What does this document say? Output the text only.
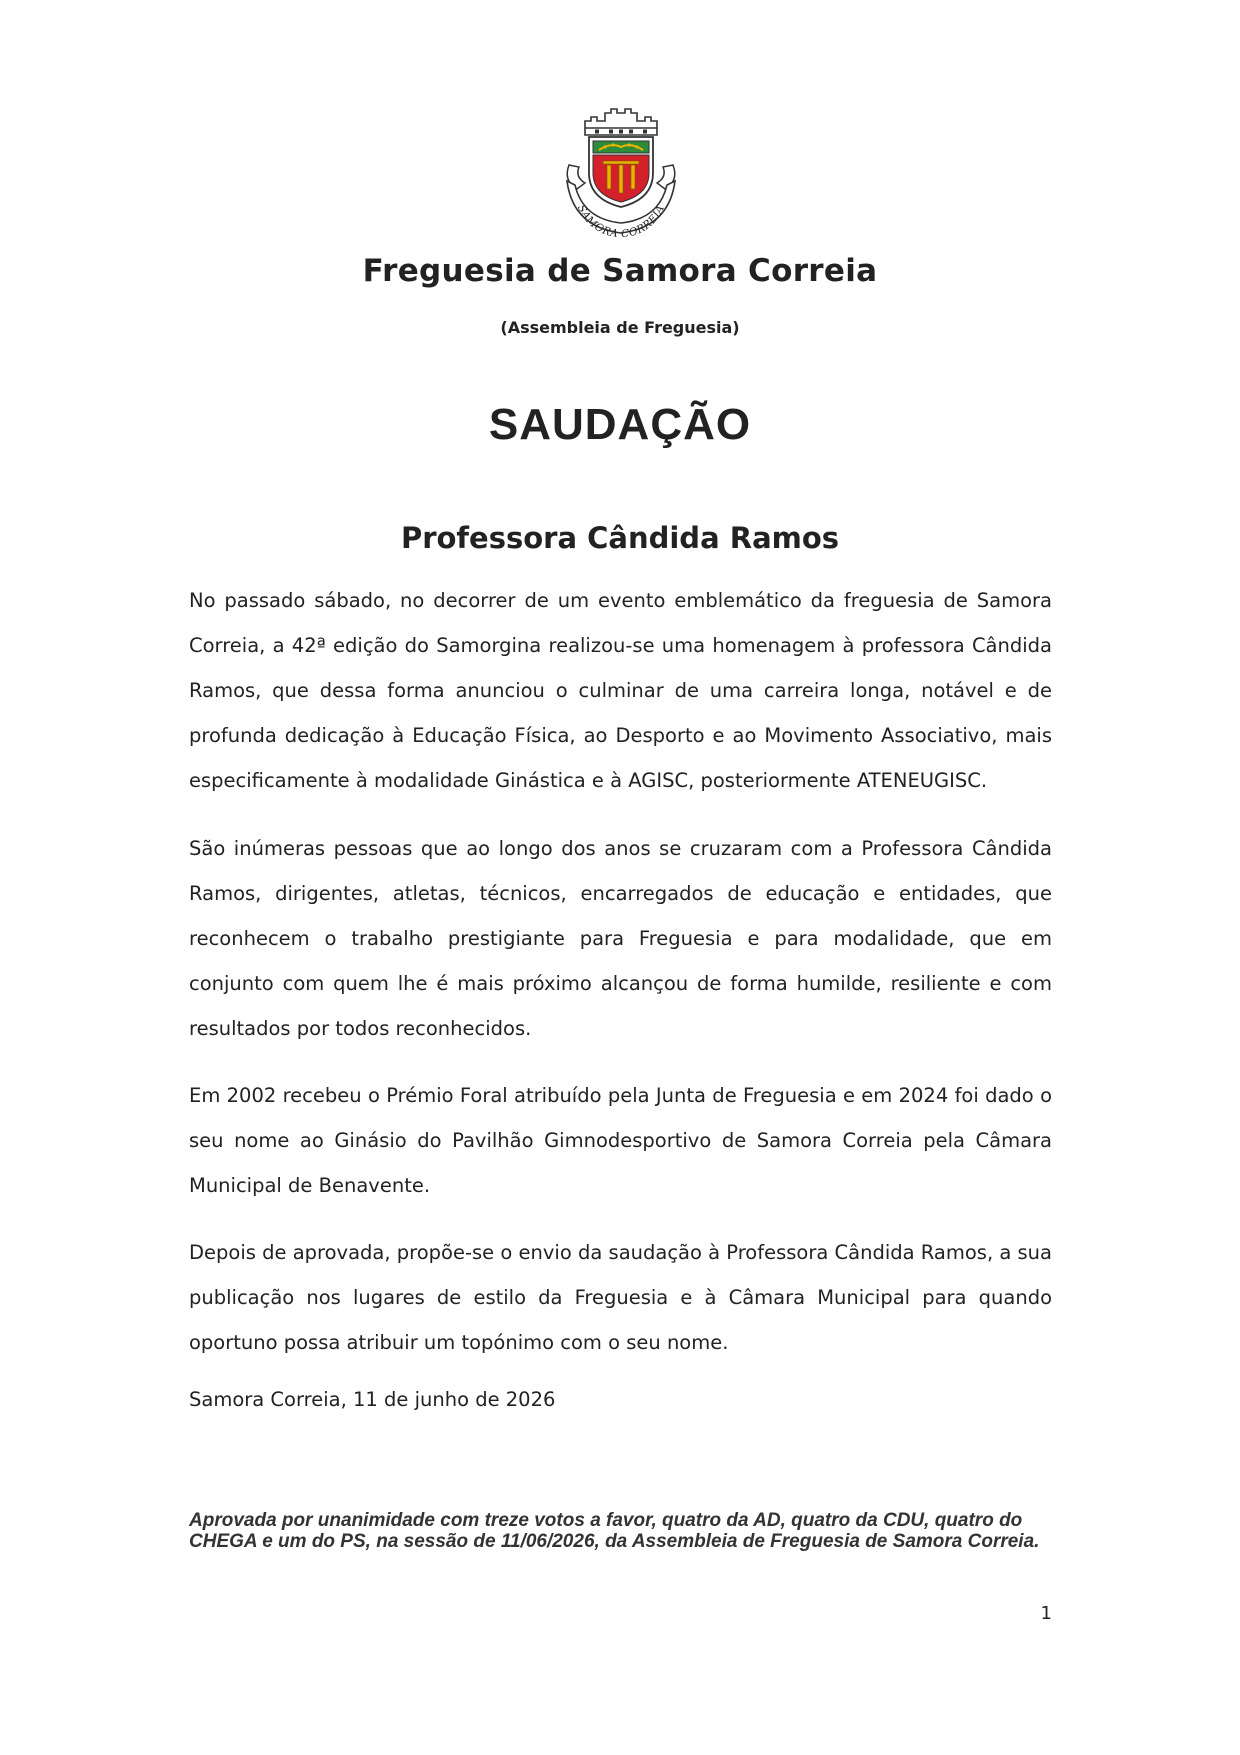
SAMORA CORREIA
Freguesia de Samora Correia
(Assembleia de Freguesia)
SAUDAÇÃO
Professora Cândida Ramos

No passado sábado, no decorrer de um evento emblemático da freguesia de Samora Correia, a 42ª edição do Samorgina realizou-se uma homenagem à professora Cândida Ramos, que dessa forma anunciou o culminar de uma carreira longa, notável e de profunda dedicação à Educação Física, ao Desporto e ao Movimento Associativo, mais especificamente à modalidade Ginástica e à AGISC, posteriormente ATENEUGISC.

São inúmeras pessoas que ao longo dos anos se cruzaram com a Professora Cândida Ramos, dirigentes, atletas, técnicos, encarregados de educação e entidades, que reconhecem o trabalho prestigiante para Freguesia e para modalidade, que em conjunto com quem lhe é mais próximo alcançou de forma humilde, resiliente e com resultados por todos reconhecidos.

Em 2002 recebeu o Prémio Foral atribuído pela Junta de Freguesia e em 2024 foi dado o seu nome ao Ginásio do Pavilhão Gimnodesportivo de Samora Correia pela Câmara Municipal de Benavente.

Depois de aprovada, propõe-se o envio da saudação à Professora Cândida Ramos, a sua publicação nos lugares de estilo da Freguesia e à Câmara Municipal para quando oportuno possa atribuir um topónimo com o seu nome.

Samora Correia, 11 de junho de 2026
Aprovada por unanimidade com treze votos a favor, quatro da AD, quatro da CDU, quatro do CHEGA e um do PS, na sessão de 11/06/2026, da Assembleia de Freguesia de Samora Correia.
1
